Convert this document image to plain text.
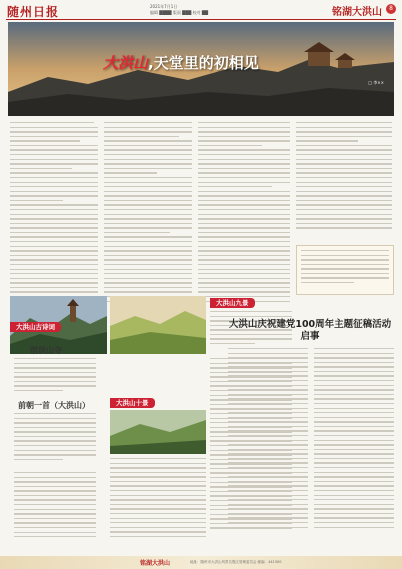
随州日报	2021年7月1日
编辑 ████ 版面 ███ 校对 ██	铭湖大洪山	8
大洪山,天堂里的初相见
□ 李××
大洪山九景
大洪山古诗词
宿洪山寺
前朝一首（大洪山）	大洪山十景
大洪山庆祝建党100周年主题征稿活动启事
铭湖大洪山	地址：随州市大洪山风景名胜区管理委员会 邮编：441300
